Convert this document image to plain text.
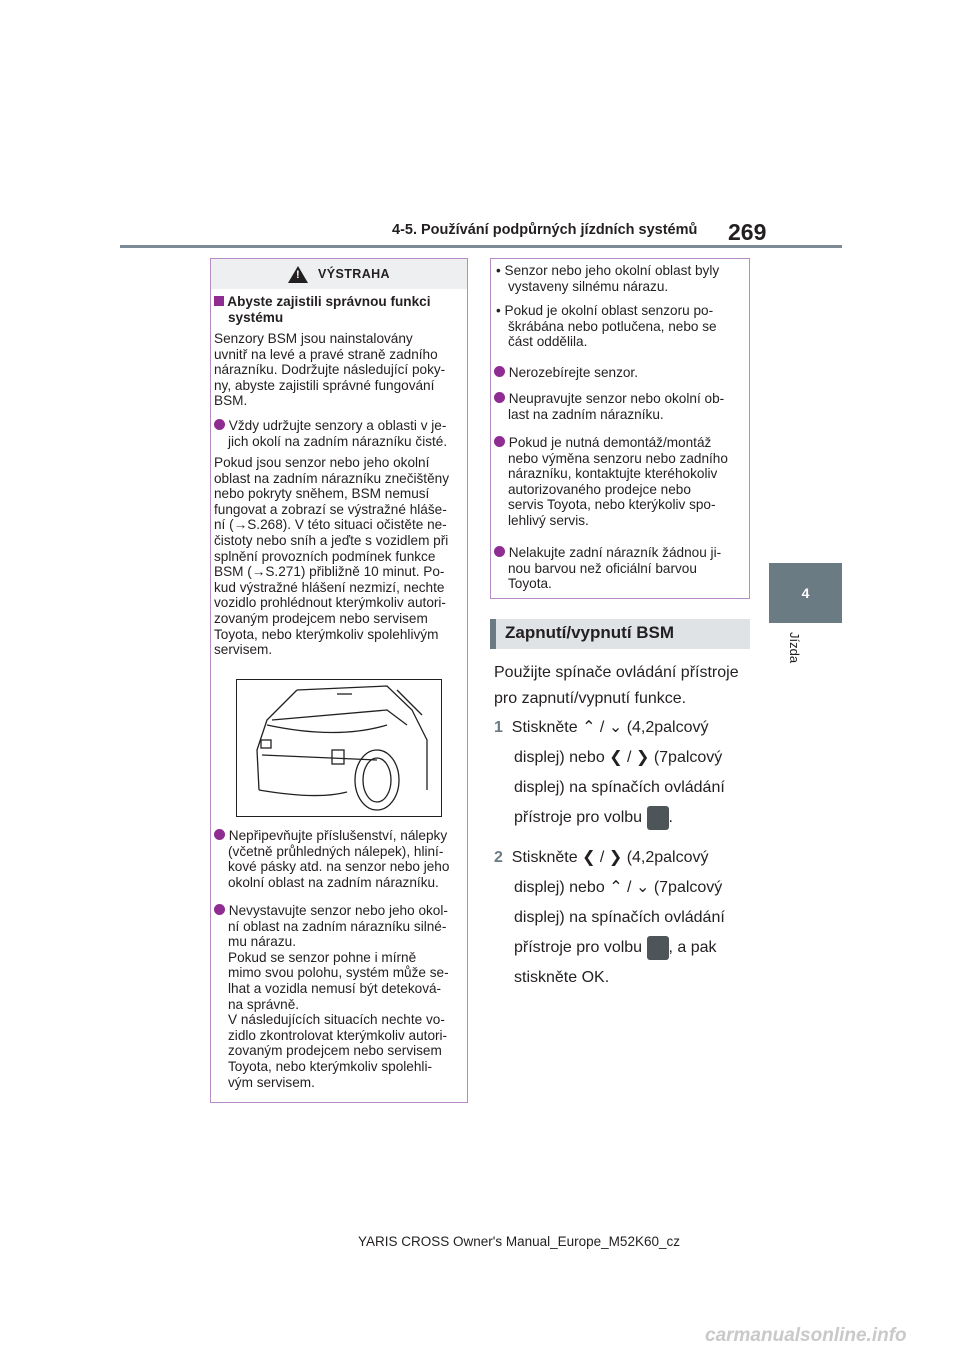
4-5. Používání podpůrných jízdních systémů 269
4
Jízda
!
VÝSTRAHA
Abyste zajistili správnou funkci
systému
Senzory BSM jsou nainstalovány
uvnitř na levé a pravé straně zadního
nárazníku. Dodržujte následující poky-
ny, abyste zajistili správné fungování
BSM.
Vždy udržujte senzory a oblasti v je-
jich okolí na zadním nárazníku čisté.
Pokud jsou senzor nebo jeho okolní
oblast na zadním nárazníku znečištěny
nebo pokryty sněhem, BSM nemusí
fungovat a zobrazí se výstražné hláše-
ní (→S.268). V této situaci očistěte ne-
čistoty nebo sníh a jeďte s vozidlem při
splnění provozních podmínek funkce
BSM (→S.271) přibližně 10 minut. Po-
kud výstražné hlášení nezmizí, nechte
vozidlo prohlédnout kterýmkoliv autori-
zovaným prodejcem nebo servisem
Toyota, nebo kterýmkoliv spolehlivým
servisem.
Nepřipevňujte příslušenství, nálepky
(včetně průhledných nálepek), hliní-
kové pásky atd. na senzor nebo jeho
okolní oblast na zadním nárazníku.
Nevystavujte senzor nebo jeho okol-
ní oblast na zadním nárazníku silné-
mu nárazu.
Pokud se senzor pohne i mírně
mimo svou polohu, systém může se-
lhat a vozidla nemusí být deteková-
na správně.
V následujících situacích nechte vo-
zidlo zkontrolovat kterýmkoliv autori-
zovaným prodejcem nebo servisem
Toyota, nebo kterýmkoliv spolehli-
vým servisem.
• Senzor nebo jeho okolní oblast byly
vystaveny silnému nárazu.
• Pokud je okolní oblast senzoru po-
škrábána nebo potlučena, nebo se
část oddělila.
Nerozebírejte senzor.
Neupravujte senzor nebo okolní ob-
last na zadním nárazníku.
Pokud je nutná demontáž/montáž
nebo výměna senzoru nebo zadního
nárazníku, kontaktujte kteréhokoliv
autorizovaného prodejce nebo
servis Toyota, nebo kterýkoliv spo-
lehlivý servis.
Nelakujte zadní nárazník žádnou ji-
nou barvou než oficiální barvou
Toyota.
Zapnutí/vypnutí BSM
Použijte spínače ovládání přístroje
pro zapnutí/vypnutí funkce.
1 Stiskněte ⌃ / ⌄ (4,2palcový
displej) nebo ❮ / ❯ (7palcový
displej) na spínačích ovládání
přístroje pro volbu .
2 Stiskněte ❮ / ❯ (4,2palcový
displej) nebo ⌃ / ⌄ (7palcový
displej) na spínačích ovládání
přístroje pro volbu , a pak
stiskněte OK.
YARIS CROSS Owner's Manual_Europe_M52K60_cz
carmanualsonline.info
